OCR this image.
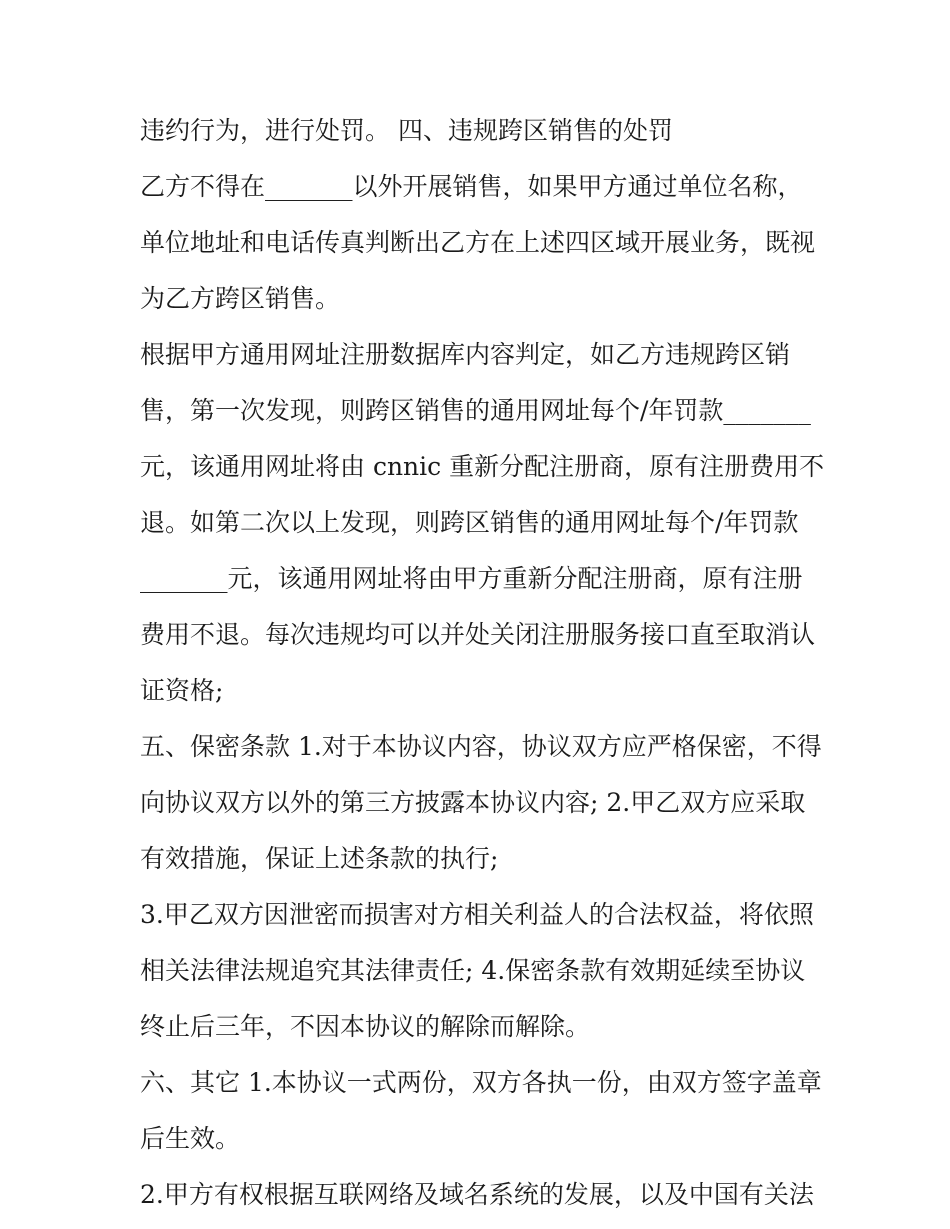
违约行为，进行处罚。 四、违规跨区销售的处罚
乙方不得在_______以外开展销售，如果甲方通过单位名称，
单位地址和电话传真判断出乙方在上述四区域开展业务，既视
为乙方跨区销售。
根据甲方通用网址注册数据库内容判定，如乙方违规跨区销
售，第一次发现，则跨区销售的通用网址每个/年罚款_______
元，该通用网址将由 cnnic 重新分配注册商，原有注册费用不
退。如第二次以上发现，则跨区销售的通用网址每个/年罚款
_______元，该通用网址将由甲方重新分配注册商，原有注册
费用不退。每次违规均可以并处关闭注册服务接口直至取消认
证资格;
五、保密条款 1.对于本协议内容，协议双方应严格保密，不得
向协议双方以外的第三方披露本协议内容; 2.甲乙双方应采取
有效措施，保证上述条款的执行;
3.甲乙双方因泄密而损害对方相关利益人的合法权益，将依照
相关法律法规追究其法律责任; 4.保密条款有效期延续至协议
终止后三年，不因本协议的解除而解除。
六、其它 1.本协议一式两份，双方各执一份，由双方签字盖章
后生效。
2.甲方有权根据互联网络及域名系统的发展，以及中国有关法
